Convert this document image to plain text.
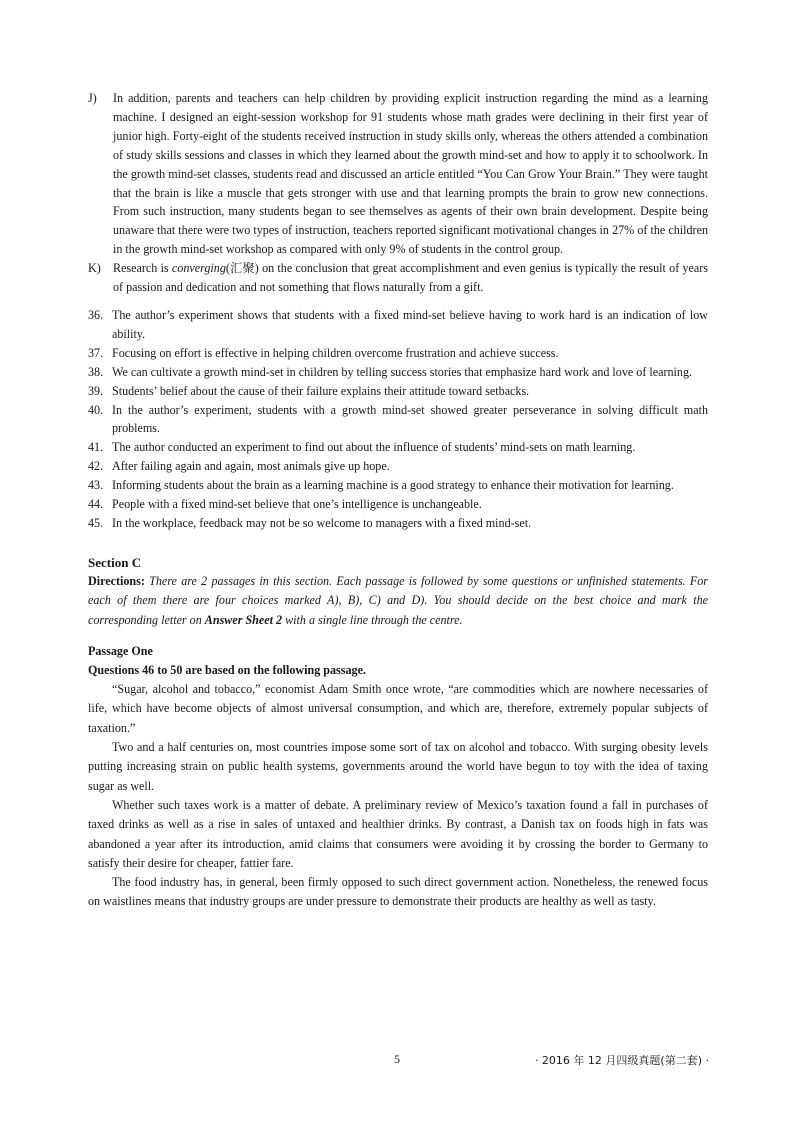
J) In addition, parents and teachers can help children by providing explicit instruction regarding the mind as a learning machine. I designed an eight-session workshop for 91 students whose math grades were declining in their first year of junior high. Forty-eight of the students received instruction in study skills only, whereas the others attended a combination of study skills sessions and classes in which they learned about the growth mind-set and how to apply it to schoolwork. In the growth mind-set classes, students read and discussed an article entitled “You Can Grow Your Brain.” They were taught that the brain is like a muscle that gets stronger with use and that learning prompts the brain to grow new connections. From such instruction, many students began to see themselves as agents of their own brain development. Despite being unaware that there were two types of instruction, teachers reported significant motivational changes in 27% of the children in the growth mind-set workshop as compared with only 9% of students in the control group.
K) Research is converging(汇聚) on the conclusion that great accomplishment and even genius is typically the result of years of passion and dedication and not something that flows naturally from a gift.
36. The author’s experiment shows that students with a fixed mind-set believe having to work hard is an indication of low ability.
37. Focusing on effort is effective in helping children overcome frustration and achieve success.
38. We can cultivate a growth mind-set in children by telling success stories that emphasize hard work and love of learning.
39. Students’ belief about the cause of their failure explains their attitude toward setbacks.
40. In the author’s experiment, students with a growth mind-set showed greater perseverance in solving difficult math problems.
41. The author conducted an experiment to find out about the influence of students’ mind-sets on math learning.
42. After failing again and again, most animals give up hope.
43. Informing students about the brain as a learning machine is a good strategy to enhance their motivation for learning.
44. People with a fixed mind-set believe that one’s intelligence is unchangeable.
45. In the workplace, feedback may not be so welcome to managers with a fixed mind-set.
Section C
Directions: There are 2 passages in this section. Each passage is followed by some questions or unfinished statements. For each of them there are four choices marked A), B), C) and D). You should decide on the best choice and mark the corresponding letter on Answer Sheet 2 with a single line through the centre.
Passage One
Questions 46 to 50 are based on the following passage.
“Sugar, alcohol and tobacco,” economist Adam Smith once wrote, “are commodities which are nowhere necessaries of life, which have become objects of almost universal consumption, and which are, therefore, extremely popular subjects of taxation.”
Two and a half centuries on, most countries impose some sort of tax on alcohol and tobacco. With surging obesity levels putting increasing strain on public health systems, governments around the world have begun to toy with the idea of taxing sugar as well.
Whether such taxes work is a matter of debate. A preliminary review of Mexico’s taxation found a fall in purchases of taxed drinks as well as a rise in sales of untaxed and healthier drinks. By contrast, a Danish tax on foods high in fats was abandoned a year after its introduction, amid claims that consumers were avoiding it by crossing the border to Germany to satisfy their desire for cheaper, fattier fare.
The food industry has, in general, been firmly opposed to such direct government action. Nonetheless, the renewed focus on waistlines means that industry groups are under pressure to demonstrate their products are healthy as well as tasty.
5	· 2016 年 12 月四级真题(第二套) ·
